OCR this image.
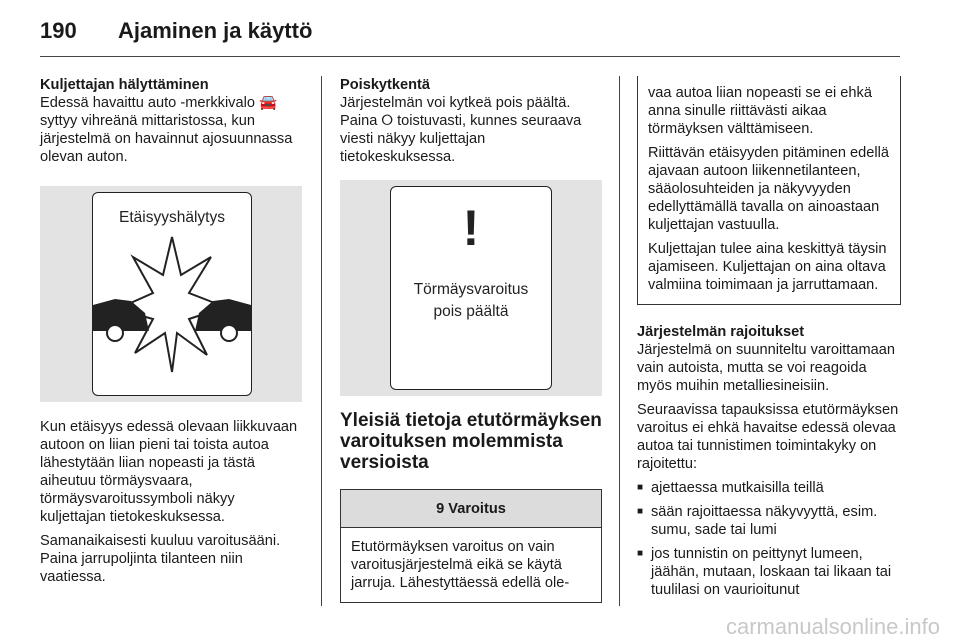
190 Ajaminen ja käyttö

Kuljettajan hälyttäminen

Edessä havaittu auto -merkkivalo 🚘 syttyy vihreänä mittaristossa, kun järjestelmä on havainnut ajosuunnassa olevan auton.

Etäisyyshälytys

Kun etäisyys edessä olevaan liikkuvaan autoon on liian pieni tai toista autoa lähestytään liian nopeasti ja tästä aiheutuu törmäysvaara, törmäysvaroitussymboli näkyy kuljettajan tietokeskuksessa.

Samanaikaisesti kuuluu varoitusääni. Paina jarrupoljinta tilanteen niin vaatiessa.

Poiskytkentä

Järjestelmän voi kytkeä pois päältä. Paina ⭘ toistuvasti, kunnes seuraava viesti näkyy kuljettajan tietokeskuksessa.

!
Törmäysvaroitus
pois päältä

Yleisiä tietoja etutörmäyksen varoituksen molemmista versioista

9 Varoitus

Etutörmäyksen varoitus on vain varoitusjärjestelmä eikä se käytä jarruja. Lähestyttäessä edellä ole-

vaa autoa liian nopeasti se ei ehkä anna sinulle riittävästi aikaa törmäyksen välttämiseen.

Riittävän etäisyyden pitäminen edellä ajavaan autoon liikennetilanteen, sääolosuhteiden ja näkyvyyden edellyttämällä tavalla on ainoastaan kuljettajan vastuulla.

Kuljettajan tulee aina keskittyä täysin ajamiseen. Kuljettajan on aina oltava valmiina toimimaan ja jarruttamaan.

Järjestelmän rajoitukset

Järjestelmä on suunniteltu varoittamaan vain autoista, mutta se voi reagoida myös muihin metalliesineisiin.

Seuraavissa tapauksissa etutörmäyksen varoitus ei ehkä havaitse edessä olevaa autoa tai tunnistimen toimintakyky on rajoitettu:

■ ajettaessa mutkaisilla teillä
■ sään rajoittaessa näkyvyyttä, esim. sumu, sade tai lumi
■ jos tunnistin on peittynyt lumeen, jäähän, mutaan, loskaan tai likaan tai tuulilasi on vaurioitunut
carmanualsonline.info
